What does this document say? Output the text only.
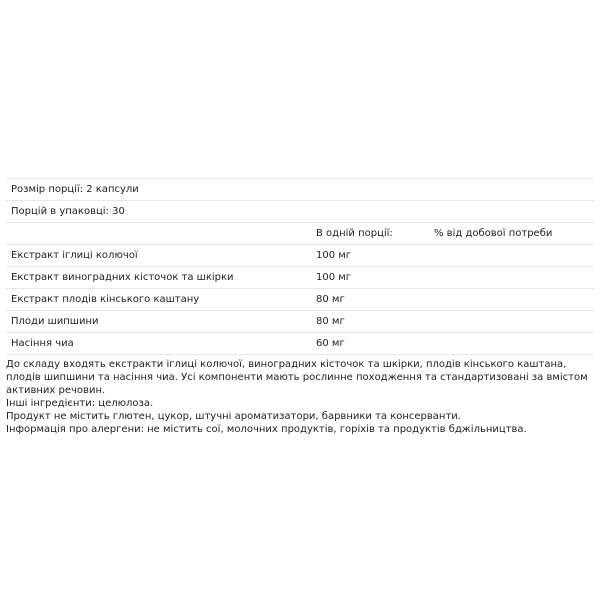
Розмір порції: 2 капсули
Порцій в упаковці: 30
В одній порції:	% від добової потреби
Екстракт іглиці колючої	100 мг
Екстракт виноградних кісточок та шкірки	100 мг
Екстракт плодів кінського каштану	80 мг
Плоди шипшини	80 мг
Насіння чиа	60 мг

До складу входять екстракти іглиці колючої, виноградних кісточок та шкірки, плодів кінського каштана, плодів шипшини та насіння чиа. Усі компоненти мають рослинне походження та стандартизовані за вмістом активних речовин.

Інші інгредієнти: целюлоза.

Продукт не містить глютен, цукор, штучні ароматизатори, барвники та консерванти.

Інформація про алергени: не містить сої, молочних продуктів, горіхів та продуктів бджільництва.
